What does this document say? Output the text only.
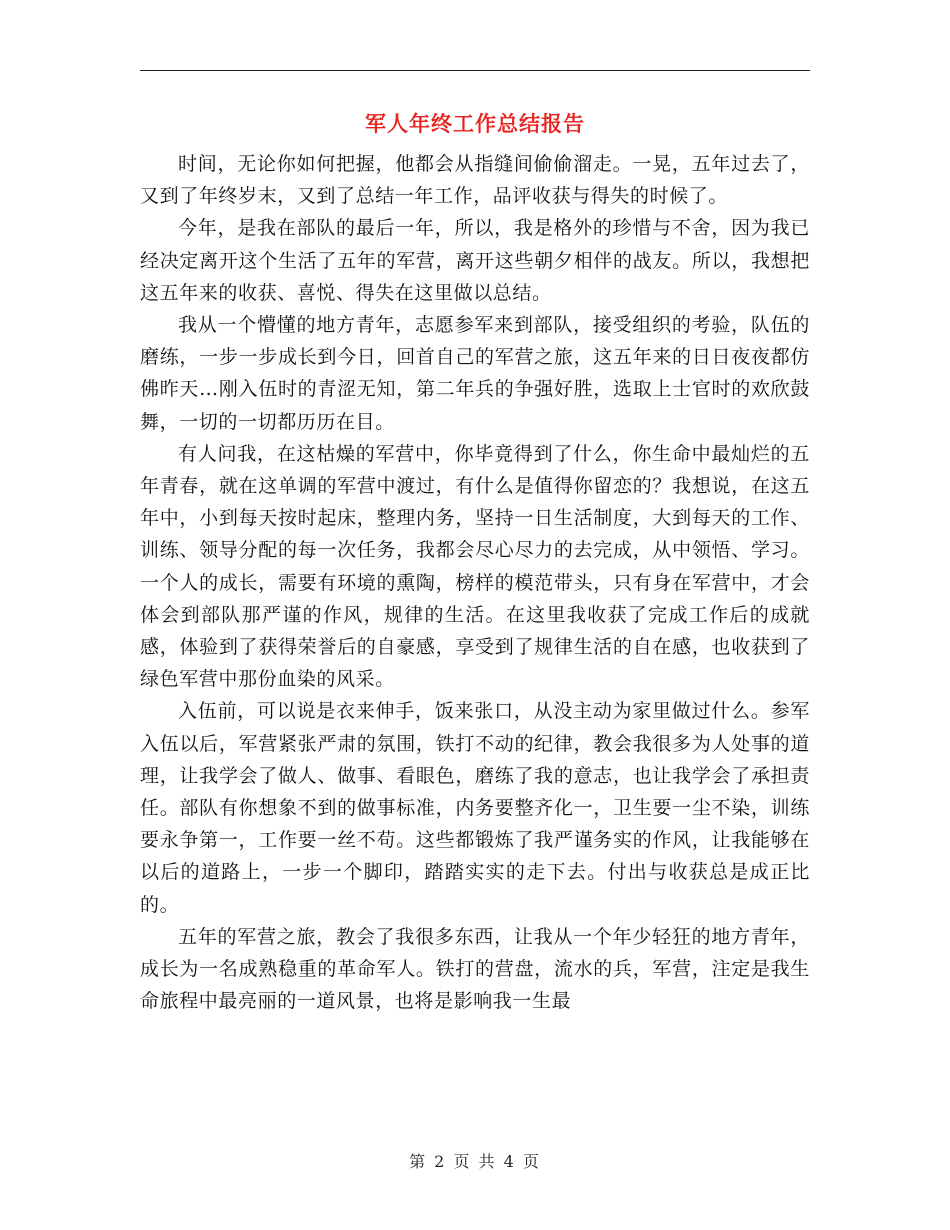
军人年终工作总结报告

时间，无论你如何把握，他都会从指缝间偷偷溜走。一晃，五年过去了，又到了年终岁末，又到了总结一年工作，品评收获与得失的时候了。

今年，是我在部队的最后一年，所以，我是格外的珍惜与不舍，因为我已经决定离开这个生活了五年的军营，离开这些朝夕相伴的战友。所以，我想把这五年来的收获、喜悦、得失在这里做以总结。

我从一个懵懂的地方青年，志愿参军来到部队，接受组织的考验，队伍的磨练，一步一步成长到今日，回首自己的军营之旅，这五年来的日日夜夜都仿佛昨天…刚入伍时的青涩无知，第二年兵的争强好胜，选取上士官时的欢欣鼓舞，一切的一切都历历在目。

有人问我，在这枯燥的军营中，你毕竟得到了什么，你生命中最灿烂的五年青春，就在这单调的军营中渡过，有什么是值得你留恋的？我想说，在这五年中，小到每天按时起床，整理内务，坚持一日生活制度，大到每天的工作、训练、领导分配的每一次任务，我都会尽心尽力的去完成，从中领悟、学习。一个人的成长，需要有环境的熏陶，榜样的模范带头，只有身在军营中，才会体会到部队那严谨的作风，规律的生活。在这里我收获了完成工作后的成就感，体验到了获得荣誉后的自豪感，享受到了规律生活的自在感，也收获到了绿色军营中那份血染的风采。

入伍前，可以说是衣来伸手，饭来张口，从没主动为家里做过什么。参军入伍以后，军营紧张严肃的氛围，铁打不动的纪律，教会我很多为人处事的道理，让我学会了做人、做事、看眼色，磨练了我的意志，也让我学会了承担责任。部队有你想象不到的做事标准，内务要整齐化一，卫生要一尘不染，训练要永争第一，工作要一丝不苟。这些都锻炼了我严谨务实的作风，让我能够在以后的道路上，一步一个脚印，踏踏实实的走下去。付出与收获总是成正比的。

五年的军营之旅，教会了我很多东西，让我从一个年少轻狂的地方青年，成长为一名成熟稳重的革命军人。铁打的营盘，流水的兵，军营，注定是我生命旅程中最亮丽的一道风景，也将是影响我一生最

第 2 页 共 4 页
